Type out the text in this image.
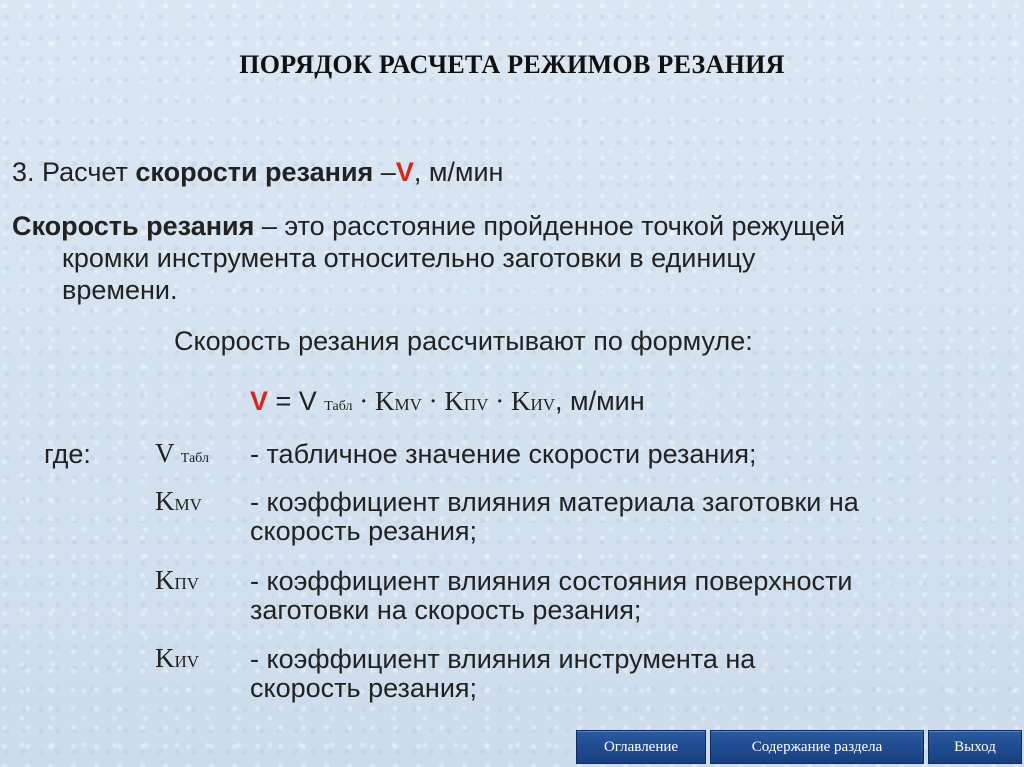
ПОРЯДОК РАСЧЕТА РЕЖИМОВ РЕЗАНИЯ
3. Расчет скорости резания –V, м/мин
Скорость резания – это расстояние пройденное точкой режущей
кромки инструмента относительно заготовки в единицу
времени.
Скорость резания рассчитывают по формуле:
V = V Табл · KMV · KПV · KИV, м/мин
где: V Табл - табличное значение скорости резания;
KMV - коэффициент влияния материала заготовки на
скорость резания;
KПV - коэффициент влияния состояния поверхности
заготовки на скорость резания;
KИV - коэффициент влияния инструмента на
скорость резания;
Оглавление	Содержание раздела	Выход
